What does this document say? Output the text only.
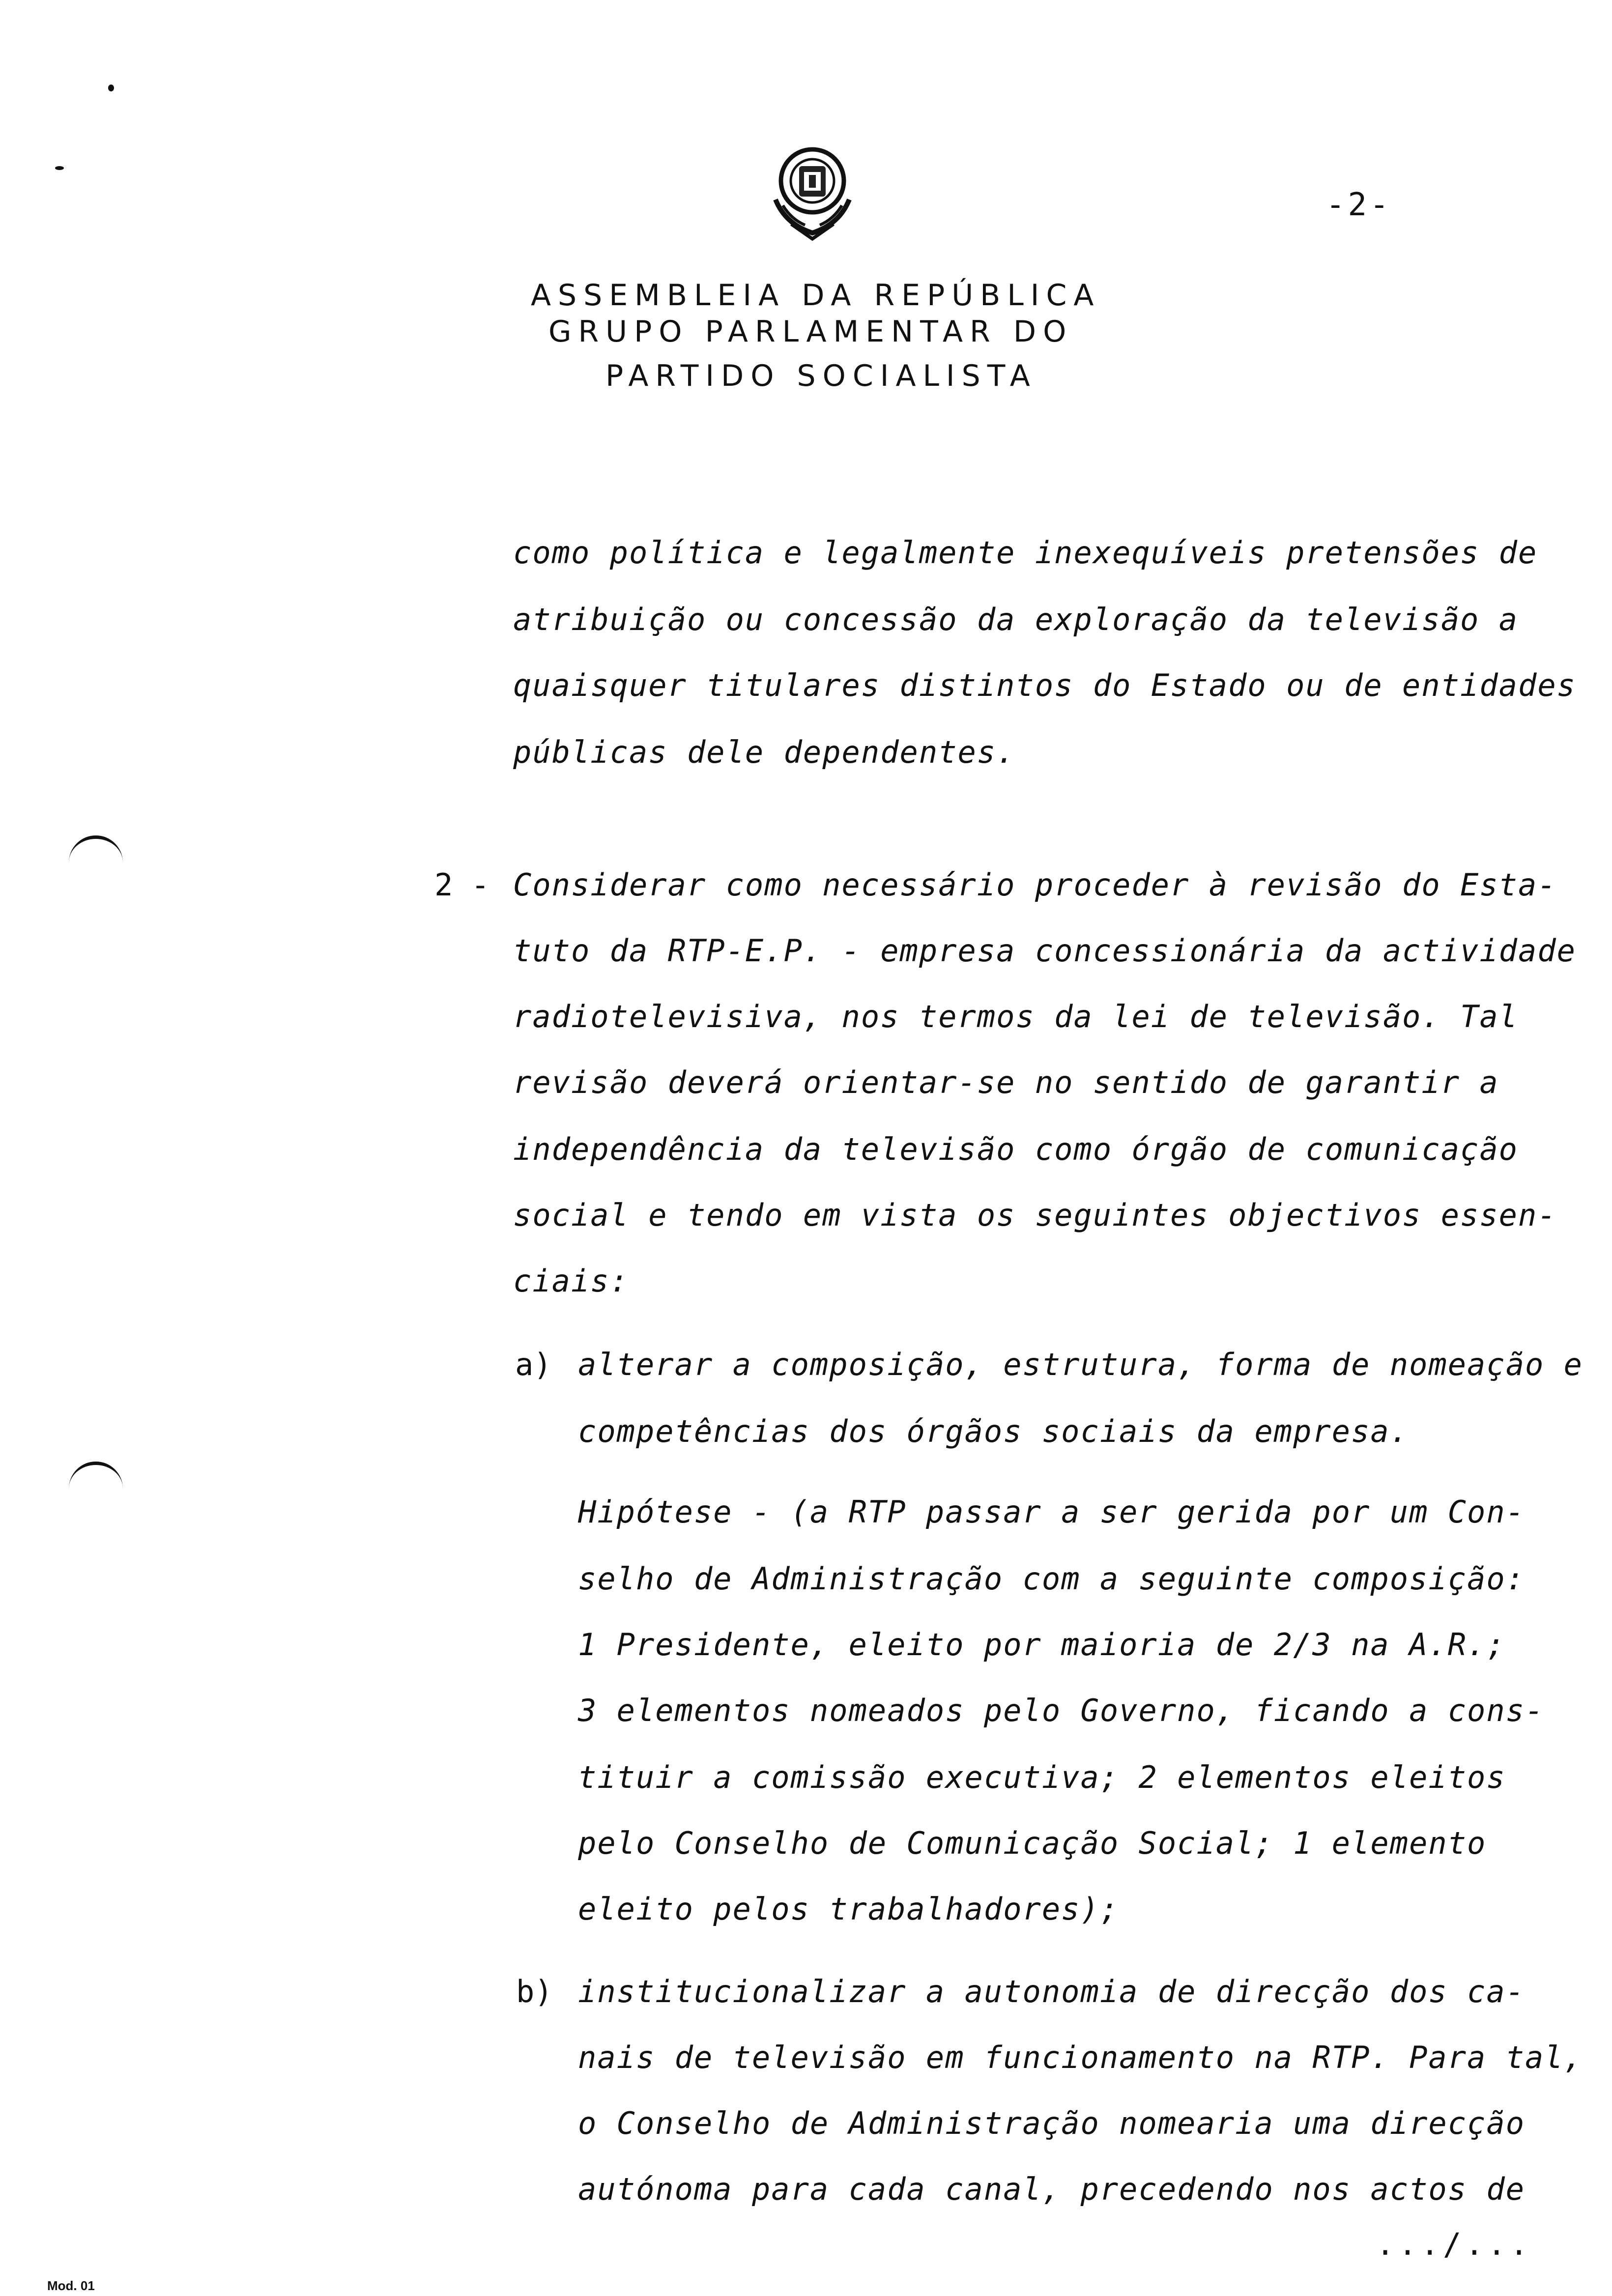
-2-
ASSEMBLEIA DA REPÚBLICA
GRUPO PARLAMENTAR DO
PARTIDO SOCIALISTA
como política e legalmente inexequíveis pretensões de
atribuição ou concessão da exploração da televisão a
quaisquer titulares distintos do Estado ou de entidades
públicas dele dependentes.
2 - Considerar como necessário proceder à revisão do Esta-
tuto da RTP-E.P. - empresa concessionária da actividade
radiotelevisiva, nos termos da lei de televisão. Tal
revisão deverá orientar-se no sentido de garantir a
independência da televisão como órgão de comunicação
social e tendo em vista os seguintes objectivos essen-
ciais:
a) alterar a composição, estrutura, forma de nomeação e
competências dos órgãos sociais da empresa.
Hipótese - (a RTP passar a ser gerida por um Con-
selho de Administração com a seguinte composição:
1 Presidente, eleito por maioria de 2/3 na A.R.;
3 elementos nomeados pelo Governo, ficando a cons-
tituir a comissão executiva; 2 elementos eleitos
pelo Conselho de Comunicação Social; 1 elemento
eleito pelos trabalhadores);
b) institucionalizar a autonomia de direcção dos ca-
nais de televisão em funcionamento na RTP. Para tal,
o Conselho de Administração nomearia uma direcção
autónoma para cada canal, precedendo nos actos de
.../...
Mod. 01
